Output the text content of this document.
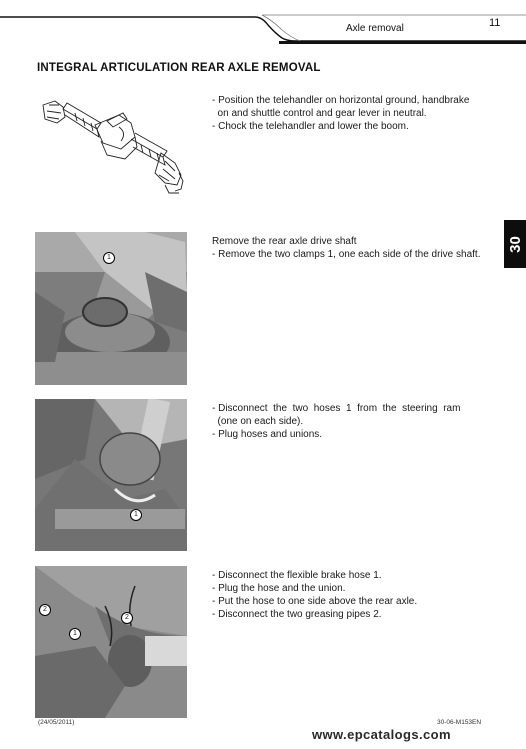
Axle removal	11
30
INTEGRAL ARTICULATION REAR AXLE REMOVAL
- Position the telehandler on horizontal ground, handbrake
on and shuttle control and gear lever in neutral.
- Chock the telehandler and lower the boom.
1
Remove the rear axle drive shaft
- Remove the two clamps 1, one each side of the drive shaft.
1
- Disconnect  the  two  hoses  1  from  the  steering  ram
(one on each side).
- Plug hoses and unions.
2
2
1
- Disconnect the flexible brake hose 1.
- Plug the hose and the union.
- Put the hose to one side above the rear axle.
- Disconnect the two greasing pipes 2.
(24/05/2011)	30-06-M153EN
www.epcatalogs.com
